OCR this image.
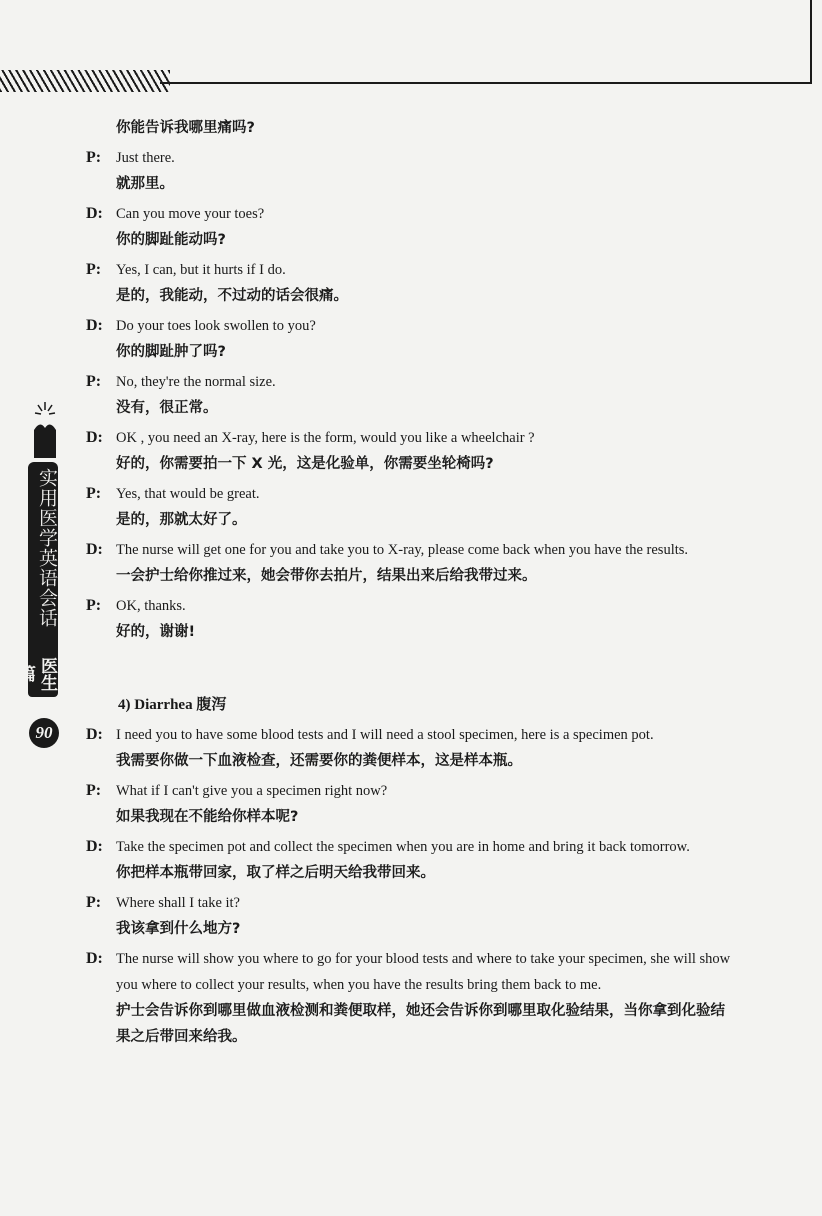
实用医学英语会话
医生篇
90
你能告诉我哪里痛吗?
P: Just there.
就那里。
D: Can you move your toes?
你的脚趾能动吗?
P: Yes, I can, but it hurts if I do.
是的，我能动，不过动的话会很痛。
D: Do your toes look swollen to you?
你的脚趾肿了吗?
P: No, they're the normal size.
没有，很正常。
D: OK , you need an X-ray, here is the form, would you like a wheelchair ?
好的，你需要拍一下 X 光，这是化验单，你需要坐轮椅吗?
P: Yes, that would be great.
是的，那就太好了。
D: The nurse will get one for you and take you to X-ray, please come back when you have the results.
一会护士给你推过来，她会带你去拍片，结果出来后给我带过来。
P: OK, thanks.
好的，谢谢!
4) Diarrhea 腹泻
D: I need you to have some blood tests and I will need a stool specimen, here is a specimen pot.
我需要你做一下血液检查，还需要你的粪便样本，这是样本瓶。
P: What if I can't give you a specimen right now?
如果我现在不能给你样本呢?
D: Take the specimen pot and collect the specimen when you are in home and bring it back tomorrow.
你把样本瓶带回家，取了样之后明天给我带回来。
P: Where shall I take it?
我该拿到什么地方?
D: The nurse will show you where to go for your blood tests and where to take your specimen, she will show you where to collect your results, when you have the results bring them back to me.
护士会告诉你到哪里做血液检测和粪便取样，她还会告诉你到哪里取化验结果，当你拿到化验结果之后带回来给我。
